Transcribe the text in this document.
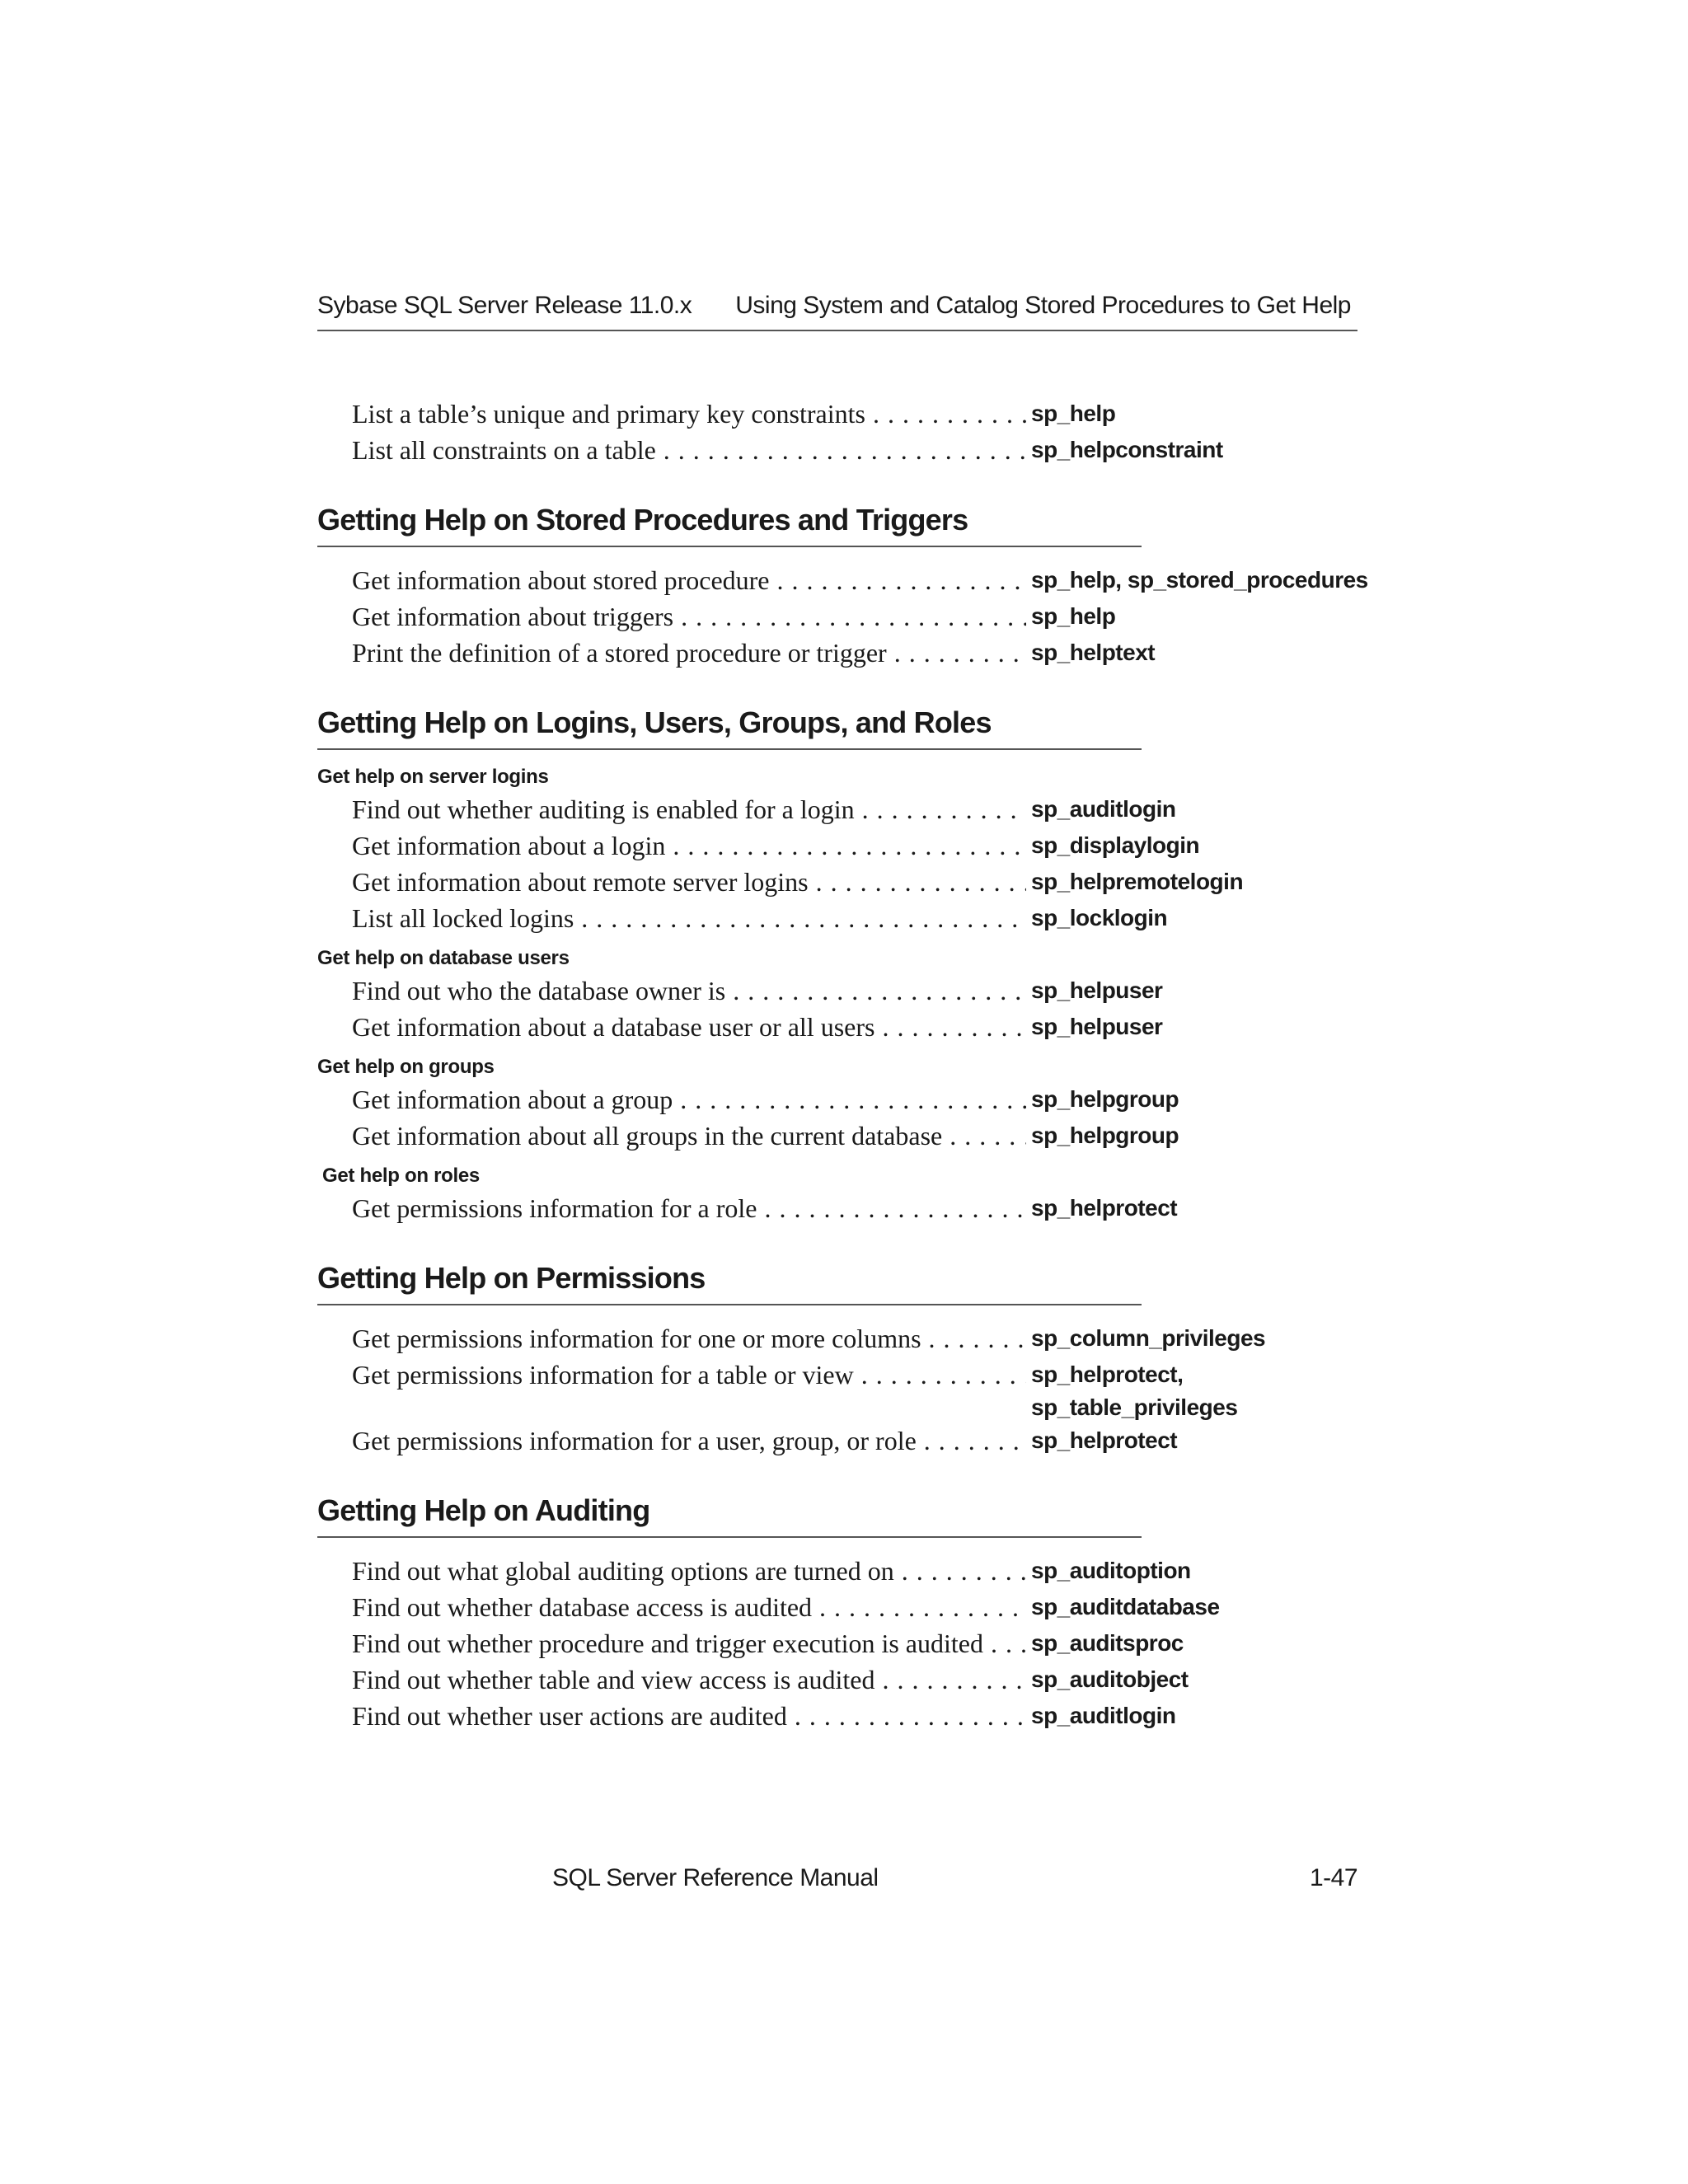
Sybase SQL Server Release 11.0.x Using System and Catalog Stored Procedures to Get Help
List a table’s unique and primary key constraints . . .	sp_help
List all constraints on a table . . .	sp_helpconstraint
Getting Help on Stored Procedures and Triggers
Get information about stored procedure . . .	sp_help, sp_stored_procedures
Get information about triggers . . .	sp_help
Print the definition of a stored procedure or trigger . . .	sp_helptext
Getting Help on Logins, Users, Groups, and Roles
Get help on server logins
Find out whether auditing is enabled for a login . . .	sp_auditlogin
Get information about a login . . .	sp_displaylogin
Get information about remote server logins . . .	sp_helpremotelogin
List all locked logins . . .	sp_locklogin
Get help on database users
Find out who the database owner is . . .	sp_helpuser
Get information about a database user or all users . . .	sp_helpuser
Get help on groups
Get information about a group . . .	sp_helpgroup
Get information about all groups in the current database . . .	sp_helpgroup
Get help on roles
Get permissions information for a role . . .	sp_helprotect
Getting Help on Permissions
Get permissions information for one or more columns . . .	sp_column_privileges
Get permissions information for a table or view . . .	sp_helprotect,
sp_table_privileges
Get permissions information for a user, group, or role . . .	sp_helprotect
Getting Help on Auditing
Find out what global auditing options are turned on . . .	sp_auditoption
Find out whether database access is audited . . .	sp_auditdatabase
Find out whether procedure and trigger execution is audited . . .	sp_auditsproc
Find out whether table and view access is audited . . .	sp_auditobject
Find out whether user actions are audited . . .	sp_auditlogin
SQL Server Reference Manual	1-47
